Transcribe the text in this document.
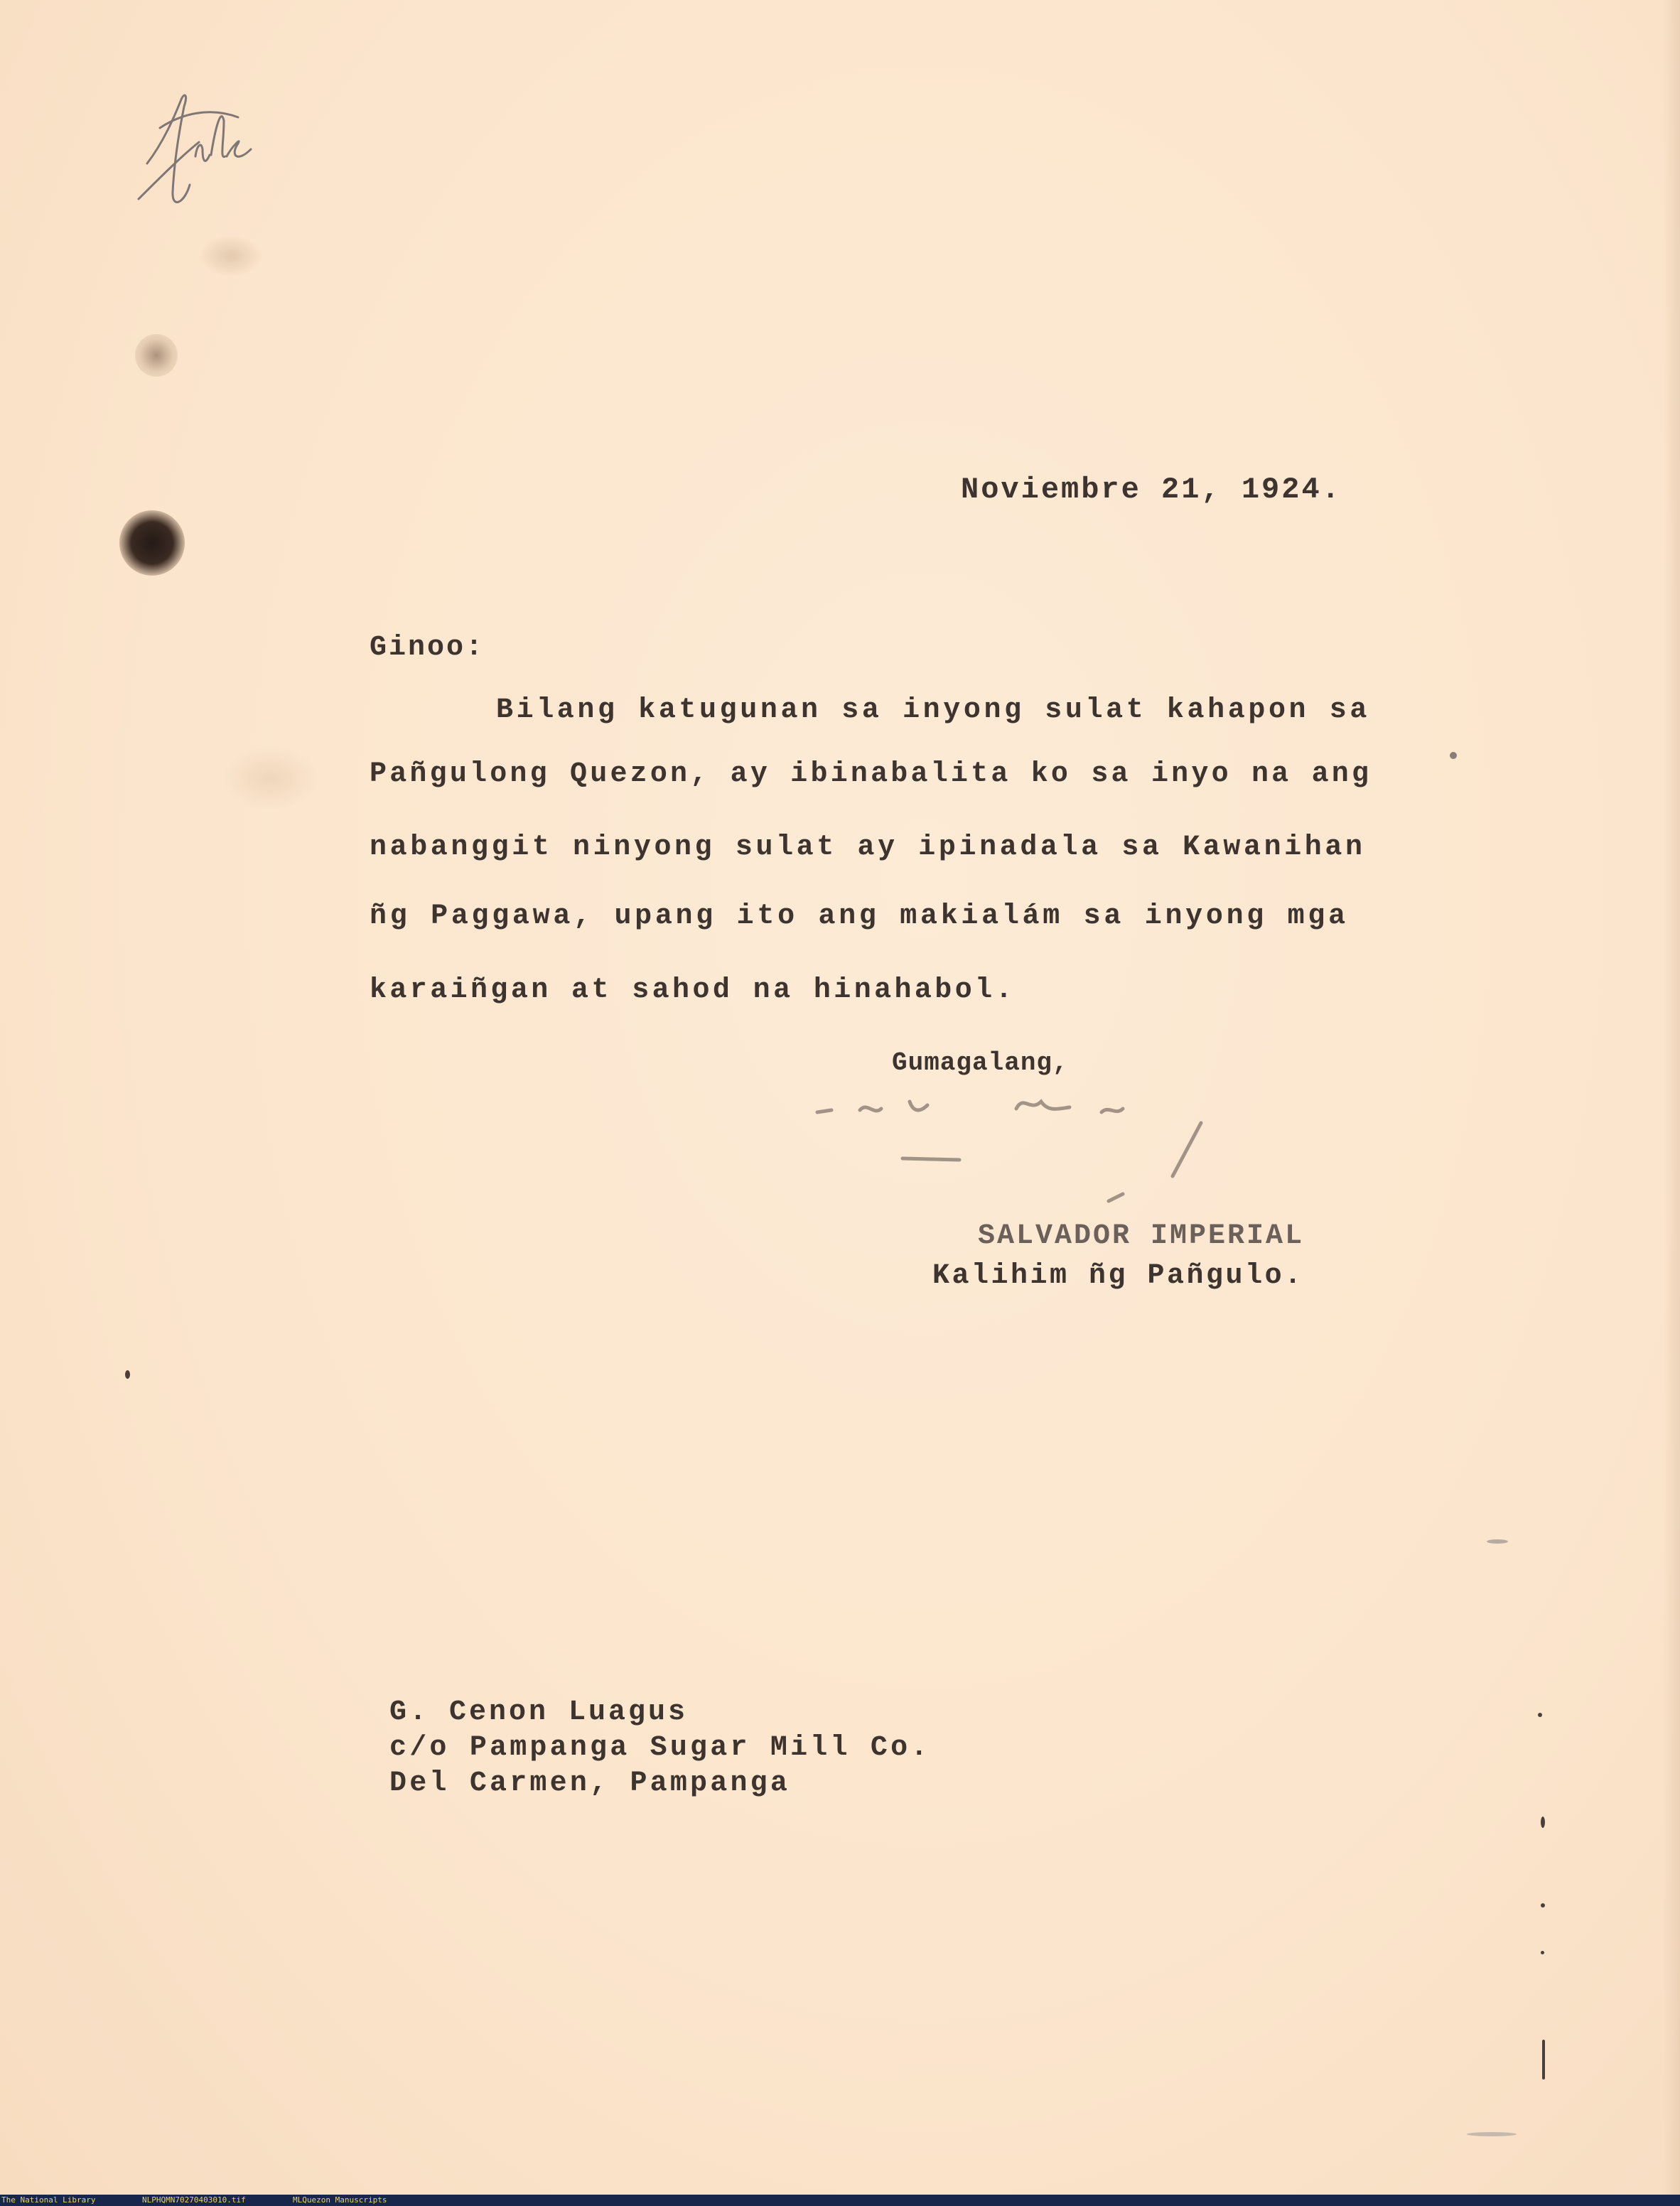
File
Noviembre 21, 1924.
Ginoo:
Bilang katugunan sa inyong sulat kahapon sa
Pañgulong Quezon, ay ibinabalita ko sa inyo na ang
nabanggit ninyong sulat ay ipinadala sa Kawanihan
ñg Paggawa, upang ito ang makialám sa inyong mga
karaiñgan at sahod na hinahabol.
Gumagalang,
SALVADOR IMPERIAL
Kalihim ñg Pañgulo.
G. Cenon Luagus
c/o Pampanga Sugar Mill Co.
Del Carmen, Pampanga
The National Library	NLPHQMN70270403010.tif	MLQuezon Manuscripts
